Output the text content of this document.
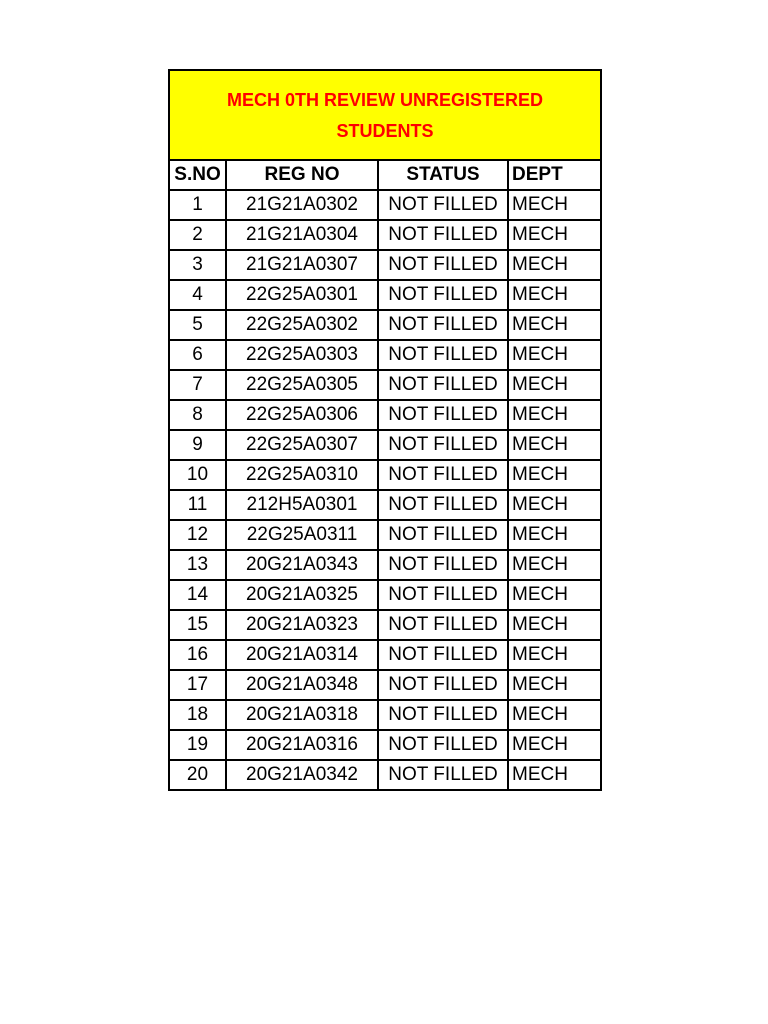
MECH 0TH REVIEW UNREGISTERED STUDENTS			
S.NO	REG NO	STATUS	DEPT
1	21G21A0302	NOT FILLED	MECH
2	21G21A0304	NOT FILLED	MECH
3	21G21A0307	NOT FILLED	MECH
4	22G25A0301	NOT FILLED	MECH
5	22G25A0302	NOT FILLED	MECH
6	22G25A0303	NOT FILLED	MECH
7	22G25A0305	NOT FILLED	MECH
8	22G25A0306	NOT FILLED	MECH
9	22G25A0307	NOT FILLED	MECH
10	22G25A0310	NOT FILLED	MECH
11	212H5A0301	NOT FILLED	MECH
12	22G25A0311	NOT FILLED	MECH
13	20G21A0343	NOT FILLED	MECH
14	20G21A0325	NOT FILLED	MECH
15	20G21A0323	NOT FILLED	MECH
16	20G21A0314	NOT FILLED	MECH
17	20G21A0348	NOT FILLED	MECH
18	20G21A0318	NOT FILLED	MECH
19	20G21A0316	NOT FILLED	MECH
20	20G21A0342	NOT FILLED	MECH
